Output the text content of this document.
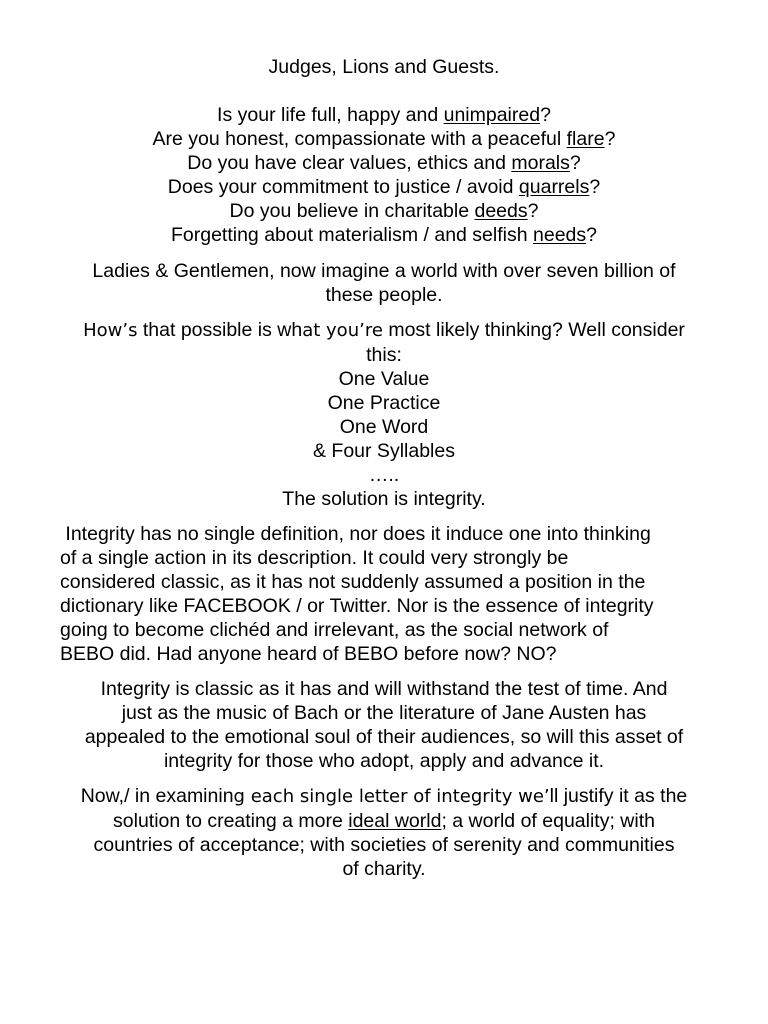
Judges, Lions and Guests.
Is your life full, happy and unimpaired?
Are you honest, compassionate with a peaceful flare?
Do you have clear values, ethics and morals?
Does your commitment to justice / avoid quarrels?
Do you believe in charitable deeds?
Forgetting about materialism / and selfish needs?
Ladies & Gentlemen, now imagine a world with over seven billion of
these people.
How’s that possible is what you’re most likely thinking? Well consider
this:
One Value
One Practice
One Word
& Four Syllables
…..
The solution is integrity.
Integrity has no single definition, nor does it induce one into thinking
of a single action in its description. It could very strongly be
considered classic, as it has not suddenly assumed a position in the
dictionary like FACEBOOK / or Twitter. Nor is the essence of integrity
going to become clichéd and irrelevant, as the social network of
BEBO did. Had anyone heard of BEBO before now? NO?
Integrity is classic as it has and will withstand the test of time. And
just as the music of Bach or the literature of Jane Austen has
appealed to the emotional soul of their audiences, so will this asset of
integrity for those who adopt, apply and advance it.
Now,/ in examining each single letter of integrity we’ll justify it as the
solution to creating a more ideal world; a world of equality; with
countries of acceptance; with societies of serenity and communities
of charity.
